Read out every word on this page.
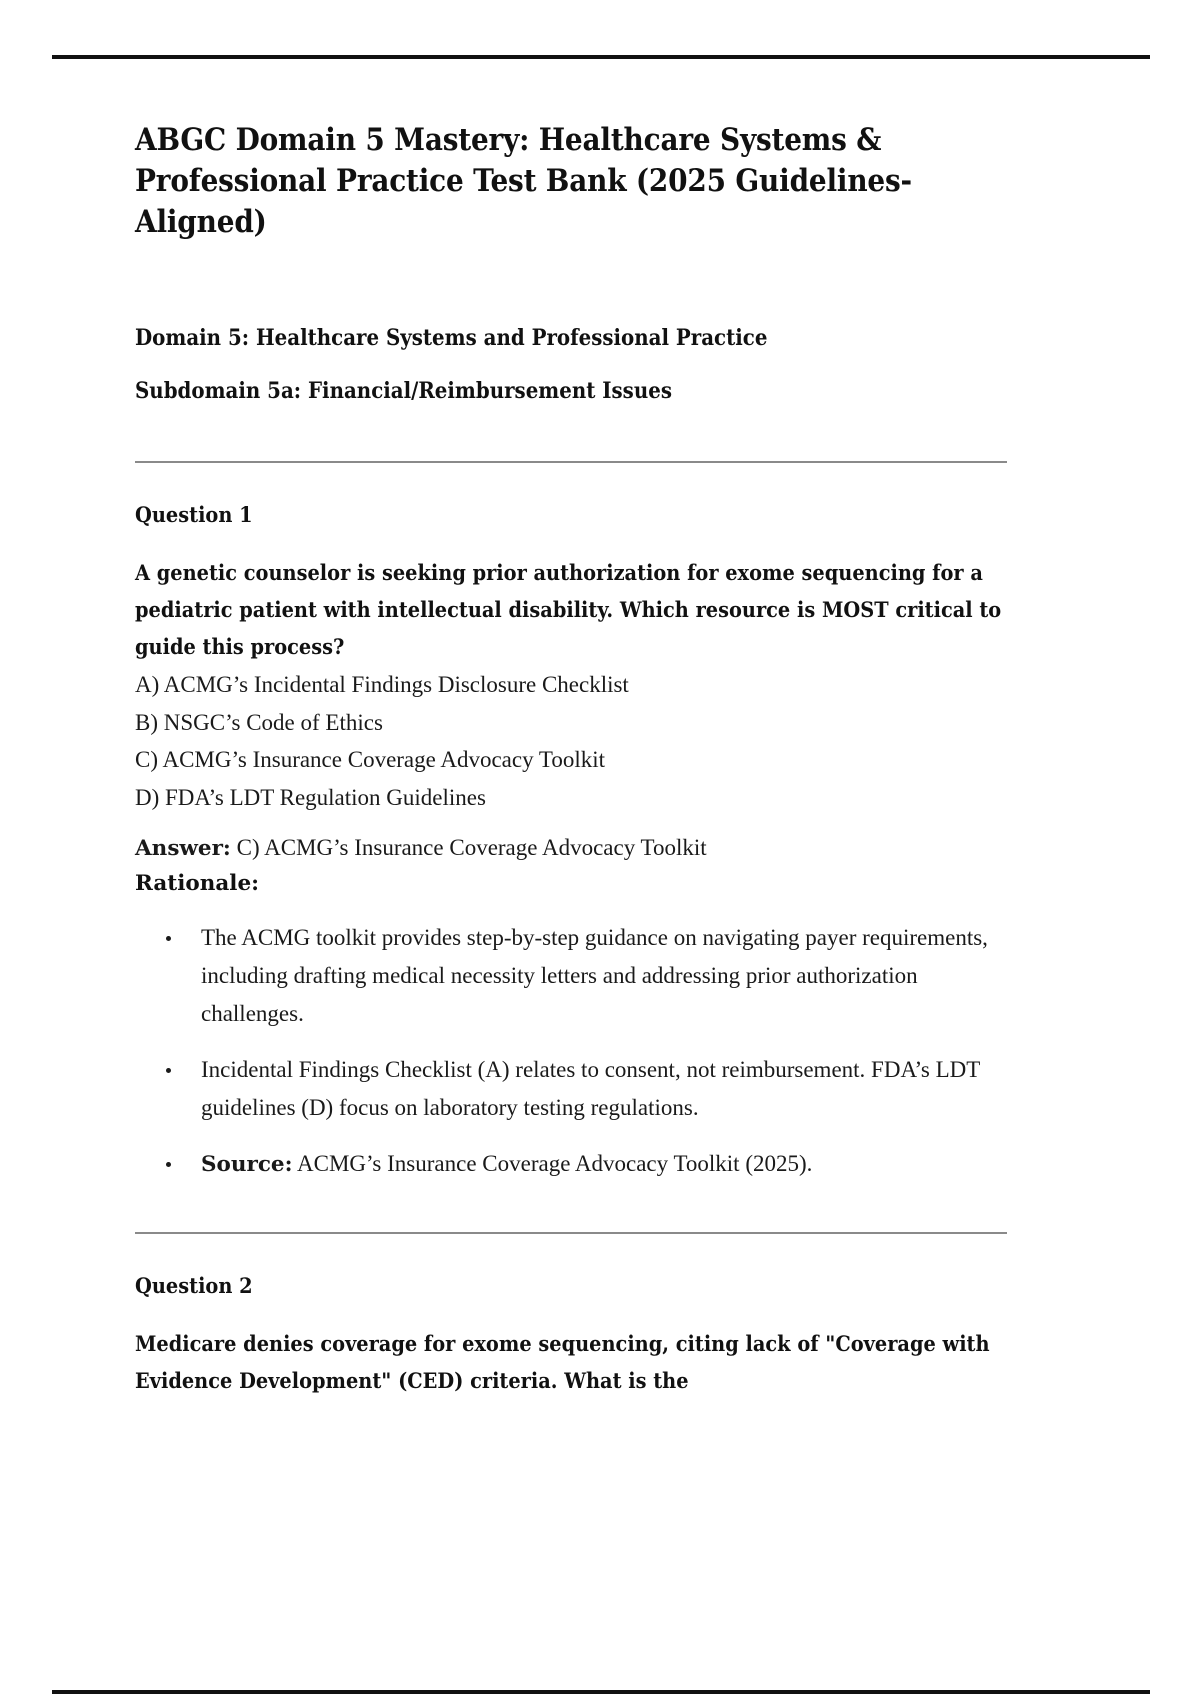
ABGC Domain 5 Mastery: Healthcare Systems & Professional Practice Test Bank (2025 Guidelines-Aligned)
Domain 5: Healthcare Systems and Professional Practice
Subdomain 5a: Financial/Reimbursement Issues
Question 1
A genetic counselor is seeking prior authorization for exome sequencing for a pediatric patient with intellectual disability. Which resource is MOST critical to guide this process?
A) ACMG’s Incidental Findings Disclosure Checklist
B) NSGC’s Code of Ethics
C) ACMG’s Insurance Coverage Advocacy Toolkit
D) FDA’s LDT Regulation Guidelines
Answer: C) ACMG’s Insurance Coverage Advocacy Toolkit
Rationale:
The ACMG toolkit provides step-by-step guidance on navigating payer requirements, including drafting medical necessity letters and addressing prior authorization challenges.
Incidental Findings Checklist (A) relates to consent, not reimbursement. FDA’s LDT guidelines (D) focus on laboratory testing regulations.
Source: ACMG’s Insurance Coverage Advocacy Toolkit (2025).
Question 2
Medicare denies coverage for exome sequencing, citing lack of "Coverage with Evidence Development" (CED) criteria. What is the
